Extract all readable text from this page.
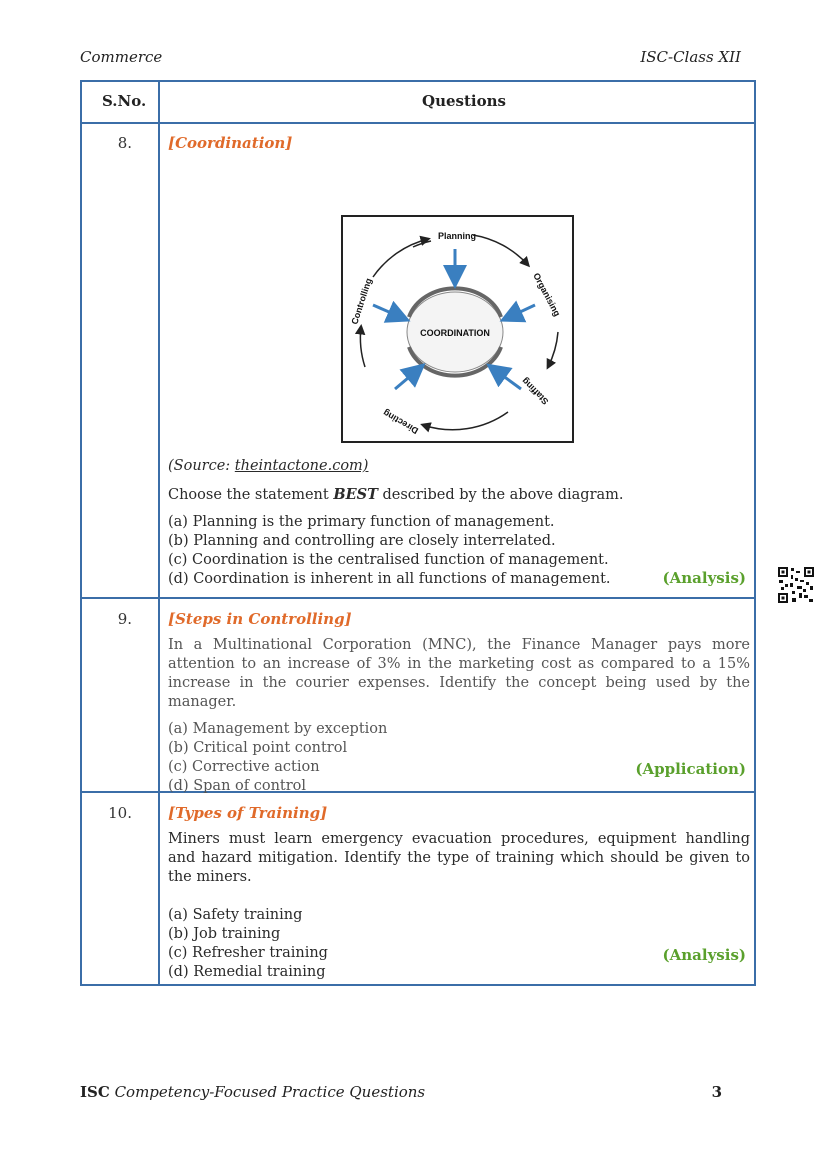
Commerce	ISC-Class XII
S.No.	Questions
8. [Coordination]
COORDINATION
Planning
Organising
Staffing
Directing
Controlling

(Source: theintactone.com)

Choose the statement BEST described by the above diagram.

(a) Planning is the primary function of management.

(b) Planning and controlling are closely interrelated.

(c) Coordination is the centralised function of management.

(d) Coordination is inherent in all functions of management.	(Analysis)
9. [Steps in Controlling]

In a Multinational Corporation (MNC), the Finance Manager pays more attention to an increase of 3% in the marketing cost as compared to a 15% increase in the courier expenses. Identify the concept being used by the manager.

(a) Management by exception

(b) Critical point control

(c) Corrective action

(d) Span of control

(Application)
10. [Types of Training]

Miners must learn emergency evacuation procedures, equipment handling and hazard mitigation. Identify the type of training which should be given to the miners.

(a) Safety training

(b) Job training

(c) Refresher training

(d) Remedial training

(Analysis)
ISC Competency-Focused Practice Questions	3
